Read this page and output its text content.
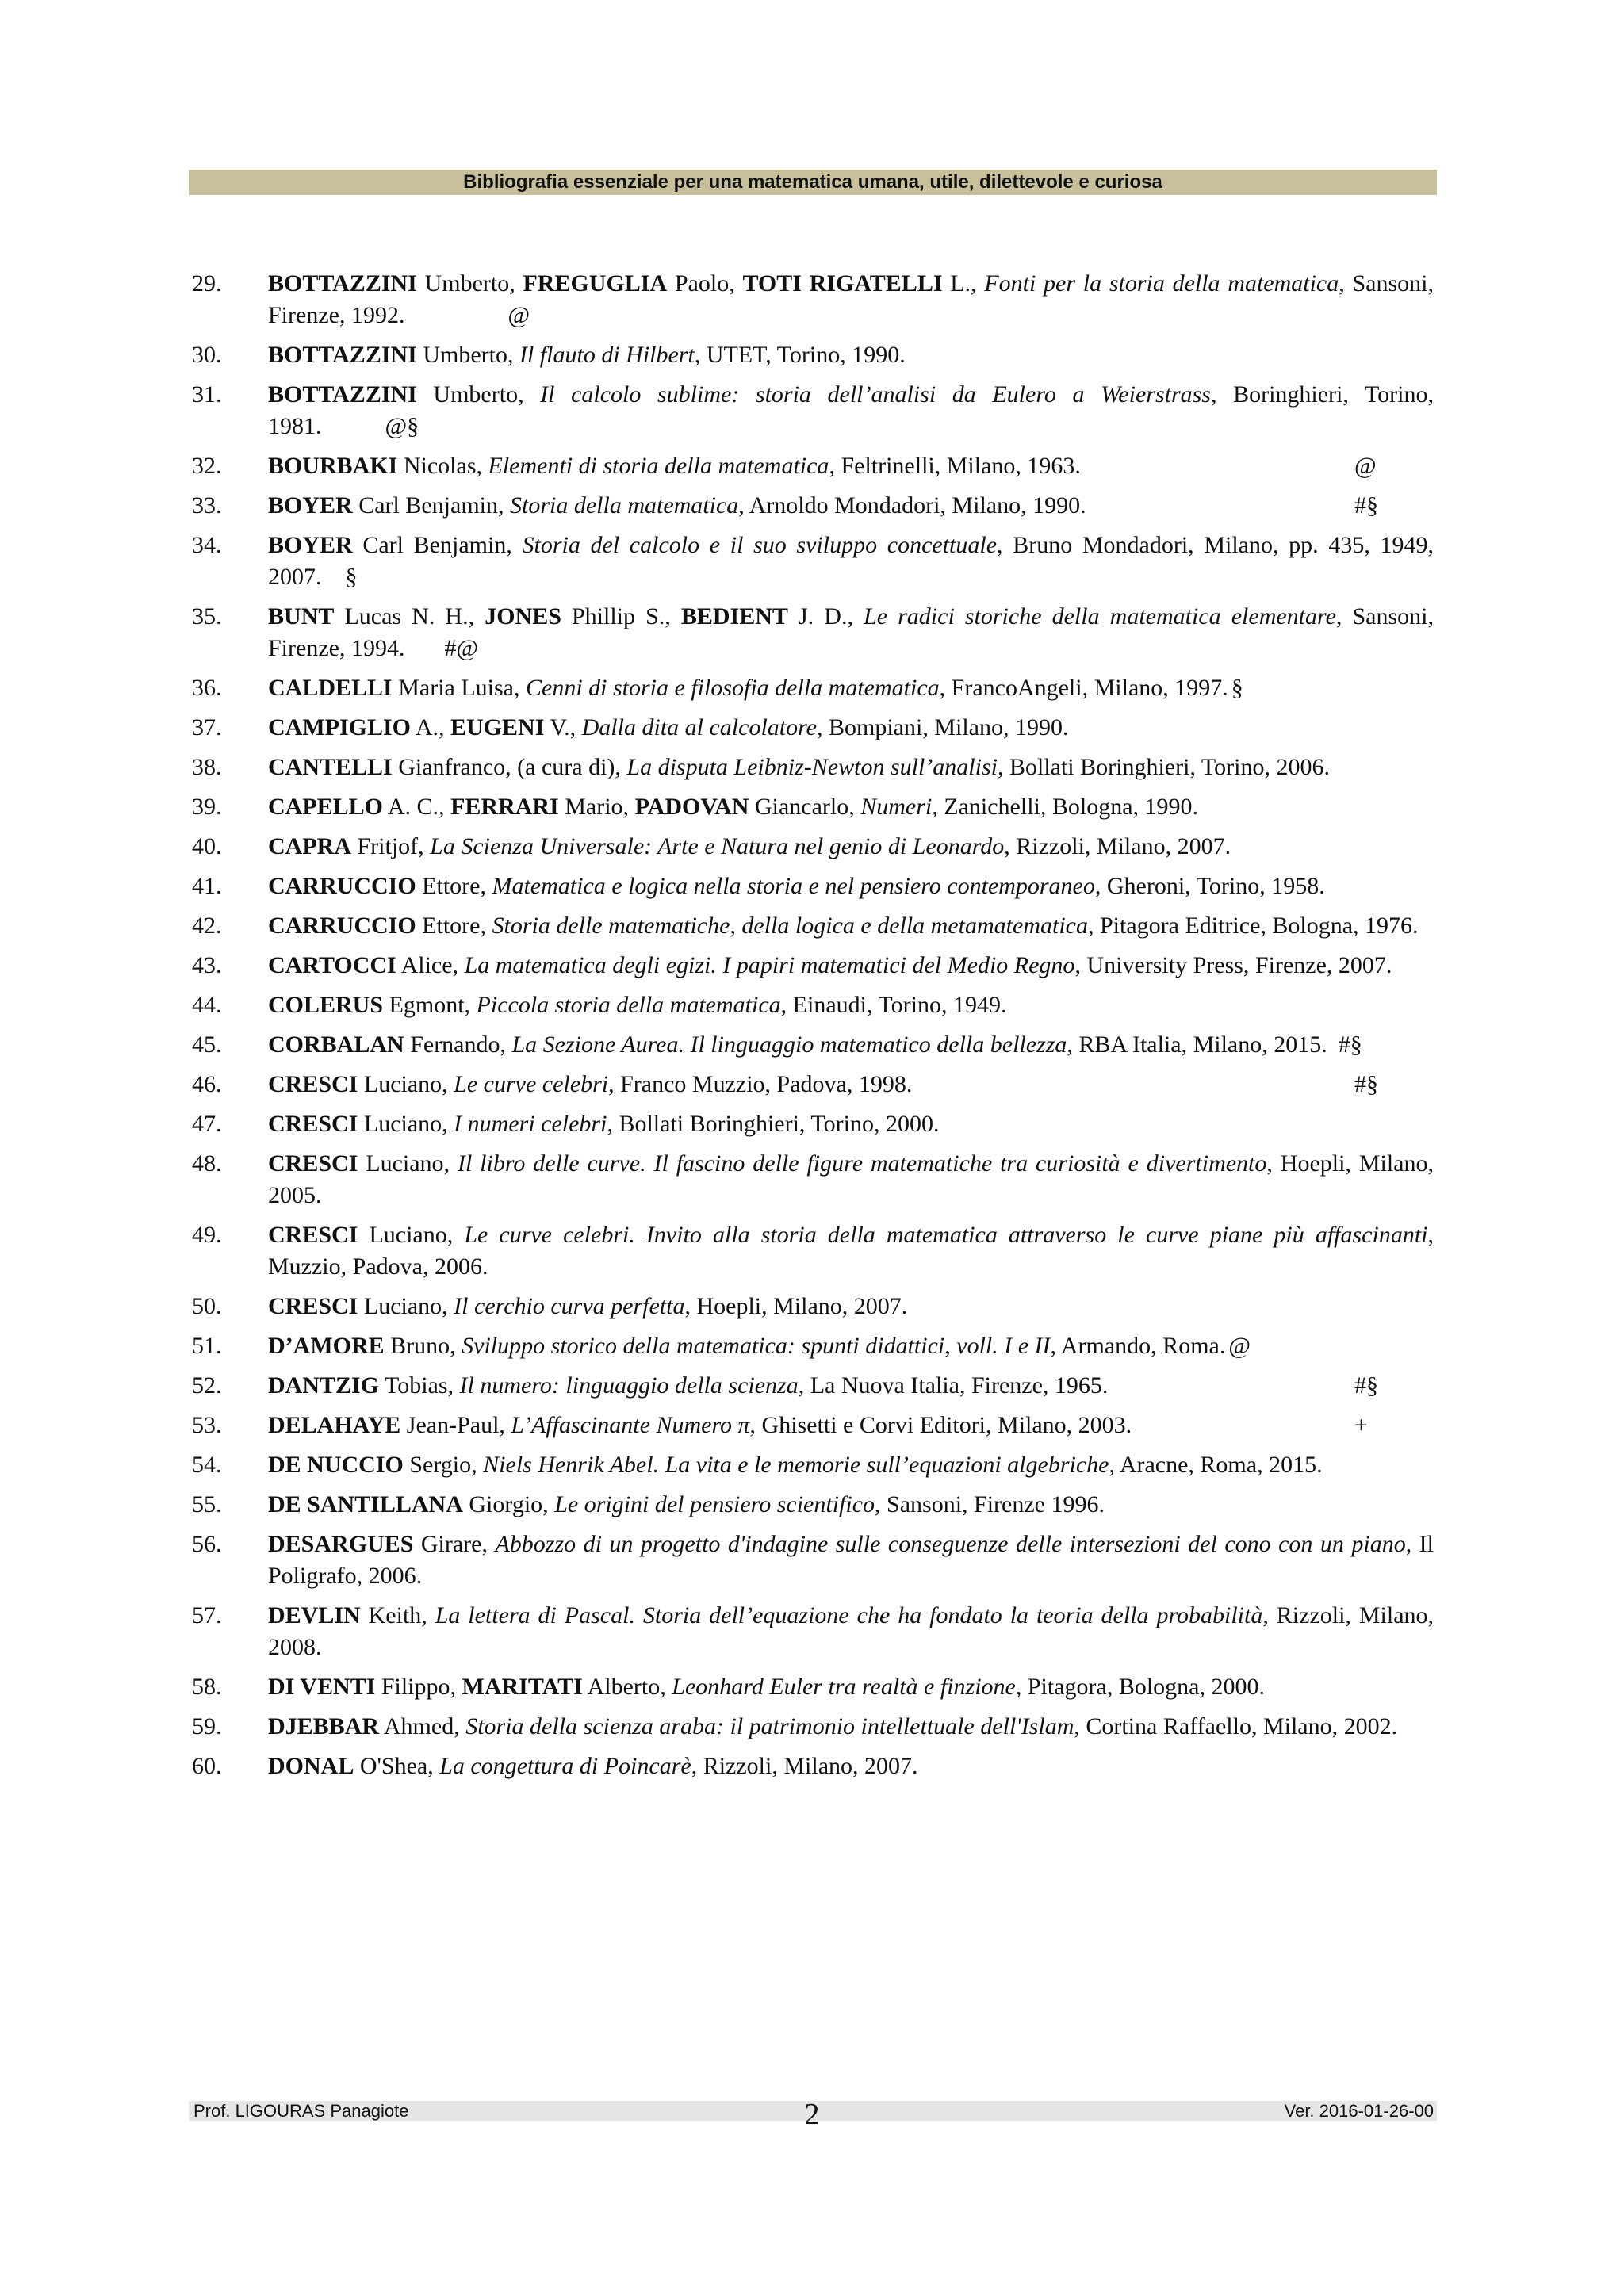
Bibliografia essenziale per una matematica umana, utile, dilettevole e curiosa
29. BOTTAZZINI Umberto, FREGUGLIA Paolo, TOTI RIGATELLI L., Fonti per la storia della matematica, Sansoni, Firenze, 1992.	@
30. BOTTAZZINI Umberto, Il flauto di Hilbert, UTET, Torino, 1990.
31. BOTTAZZINI Umberto, Il calcolo sublime: storia dell’analisi da Eulero a Weierstrass, Boringhieri, Torino, 1981.	@§
32. BOURBAKI Nicolas, Elementi di storia della matematica, Feltrinelli, Milano, 1963.	@
33. BOYER Carl Benjamin, Storia della matematica, Arnoldo Mondadori, Milano, 1990.	#§
34. BOYER Carl Benjamin, Storia del calcolo e il suo sviluppo concettuale, Bruno Mondadori, Milano, pp. 435, 1949, 2007. §
35. BUNT Lucas N. H., JONES Phillip S., BEDIENT J. D., Le radici storiche della matematica elementare, Sansoni, Firenze, 1994. #@
36. CALDELLI Maria Luisa, Cenni di storia e filosofia della matematica, FrancoAngeli, Milano, 1997. §
37. CAMPIGLIO A., EUGENI V., Dalla dita al calcolatore, Bompiani, Milano, 1990.
38. CANTELLI Gianfranco, (a cura di), La disputa Leibniz-Newton sull’analisi, Bollati Boringhieri, Torino, 2006.
39. CAPELLO A. C., FERRARI Mario, PADOVAN Giancarlo, Numeri, Zanichelli, Bologna, 1990.
40. CAPRA Fritjof, La Scienza Universale: Arte e Natura nel genio di Leonardo, Rizzoli, Milano, 2007.
41. CARRUCCIO Ettore, Matematica e logica nella storia e nel pensiero contemporaneo, Gheroni, Torino, 1958.
42. CARRUCCIO Ettore, Storia delle matematiche, della logica e della metamatematica, Pitagora Editrice, Bologna, 1976.
43. CARTOCCI Alice, La matematica degli egizi. I papiri matematici del Medio Regno, University Press, Firenze, 2007.
44. COLERUS Egmont, Piccola storia della matematica, Einaudi, Torino, 1949.
45. CORBALAN Fernando, La Sezione Aurea. Il linguaggio matematico della bellezza, RBA Italia, Milano, 2015. #§
46. CRESCI Luciano, Le curve celebri, Franco Muzzio, Padova, 1998.	#§
47. CRESCI Luciano, I numeri celebri, Bollati Boringhieri, Torino, 2000.
48. CRESCI Luciano, Il libro delle curve. Il fascino delle figure matematiche tra curiosità e divertimento, Hoepli, Milano, 2005.
49. CRESCI Luciano, Le curve celebri. Invito alla storia della matematica attraverso le curve piane più affascinanti, Muzzio, Padova, 2006.
50. CRESCI Luciano, Il cerchio curva perfetta, Hoepli, Milano, 2007.
51. D’AMORE Bruno, Sviluppo storico della matematica: spunti didattici, voll. I e II, Armando, Roma. @
52. DANTZIG Tobias, Il numero: linguaggio della scienza, La Nuova Italia, Firenze, 1965.	#§
53. DELAHAYE Jean-Paul, L’Affascinante Numero π, Ghisetti e Corvi Editori, Milano, 2003.	+
54. DE NUCCIO Sergio, Niels Henrik Abel. La vita e le memorie sull’equazioni algebriche, Aracne, Roma, 2015.
55. DE SANTILLANA Giorgio, Le origini del pensiero scientifico, Sansoni, Firenze 1996.
56. DESARGUES Girare, Abbozzo di un progetto d'indagine sulle conseguenze delle intersezioni del cono con un piano, Il Poligrafo, 2006.
57. DEVLIN Keith, La lettera di Pascal. Storia dell’equazione che ha fondato la teoria della probabilità, Rizzoli, Milano, 2008.
58. DI VENTI Filippo, MARITATI Alberto, Leonhard Euler tra realtà e finzione, Pitagora, Bologna, 2000.
59. DJEBBAR Ahmed, Storia della scienza araba: il patrimonio intellettuale dell'Islam, Cortina Raffaello, Milano, 2002.
60. DONAL O'Shea, La congettura di Poincarè, Rizzoli, Milano, 2007.
Prof. LIGOURAS Panagiote	2	Ver. 2016-01-26-00
